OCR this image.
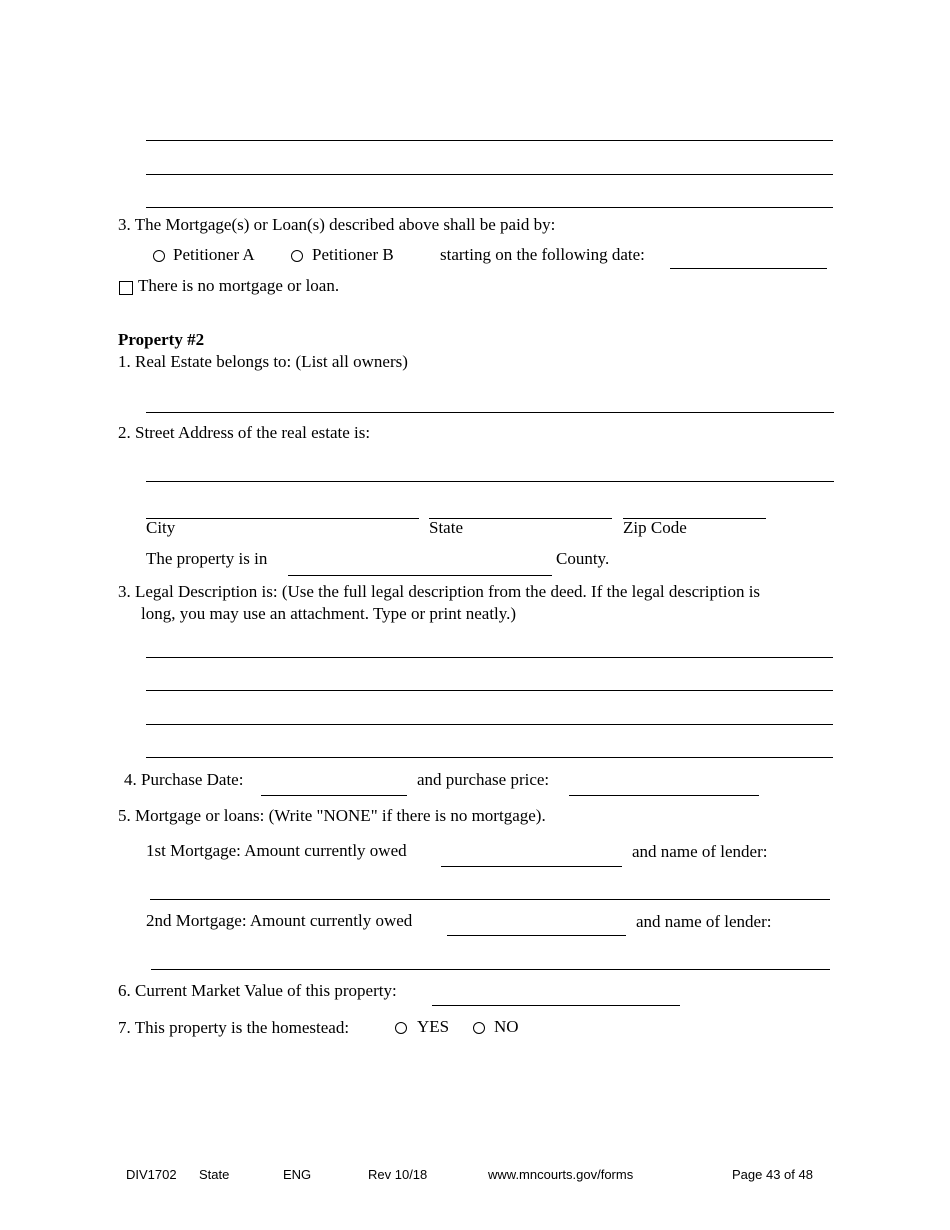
3. The Mortgage(s) or Loan(s) described above shall be paid by:
Petitioner A	Petitioner B	starting on the following date:
There is no mortgage or loan.
Property #2
1. Real Estate belongs to: (List all owners)
2. Street Address of the real estate is:
City	State	Zip Code
The property is in	County.
3. Legal Description is: (Use the full legal description from the deed. If the legal description is
long, you may use an attachment. Type or print neatly.)
4. Purchase Date:	and purchase price:
5. Mortgage or loans: (Write "NONE" if there is no mortgage).
1st Mortgage: Amount currently owed	and name of lender:
2nd Mortgage: Amount currently owed	and name of lender:
6. Current Market Value of this property:
7. This property is the homestead:	YES	NO
DIV1702 State	ENG	Rev 10/18	www.mncourts.gov/forms	Page 43 of 48
